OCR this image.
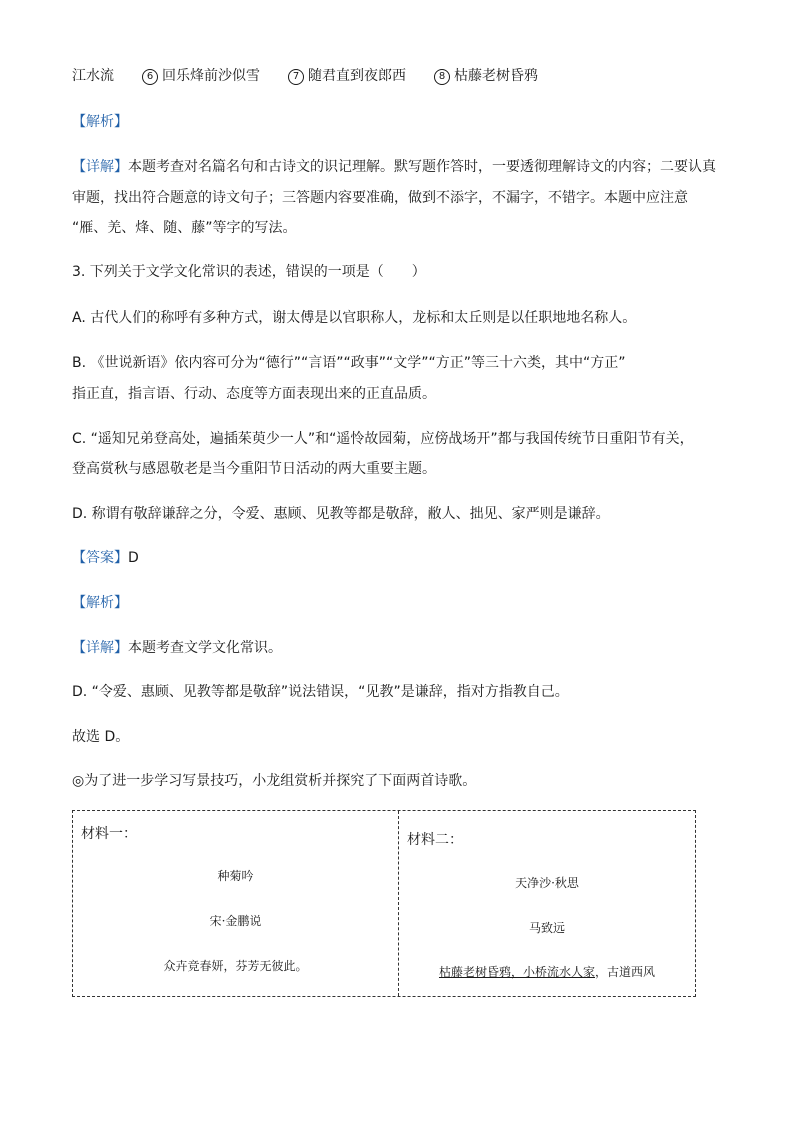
江水流	6 回乐烽前沙似雪	7 随君直到夜郎西	8 枯藤老树昏鸦
【解析】
【详解】本题考查对名篇名句和古诗文的识记理解。默写题作答时，一要透彻理解诗文的内容；二要认真
审题，找出符合题意的诗文句子；三答题内容要准确，做到不添字，不漏字，不错字。本题中应注意
“雁、羌、烽、随、藤”等字的写法。
3. 下列关于文学文化常识的表述，错误的一项是（　　）
A. 古代人们的称呼有多种方式，谢太傅是以官职称人，龙标和太丘则是以任职地地名称人。
B. 《世说新语》依内容可分为“德行”“言语”“政事”“文学”“方正”等三十六类，其中“方正”
指正直，指言语、行动、态度等方面表现出来的正直品质。
C. “遥知兄弟登高处，遍插茱萸少一人”和“遥怜故园菊，应傍战场开”都与我国传统节日重阳节有关，
登高赏秋与感恩敬老是当今重阳节日活动的两大重要主题。
D. 称谓有敬辞谦辞之分，令爱、惠顾、见教等都是敬辞，敝人、拙见、家严则是谦辞。
【答案】D
【解析】
【详解】本题考查文学文化常识。
D. “令爱、惠顾、见教等都是敬辞”说法错误，“见教”是谦辞，指对方指教自己。
故选 D。
◎为了进一步学习写景技巧，小龙组赏析并探究了下面两首诗歌。
材料一：
种菊吟
宋·金鹏说
众卉竞春妍，芬芳无彼此。
材料二：
天净沙·秋思
马致远
枯藤老树昏鸦，小桥流水人家，古道西风
